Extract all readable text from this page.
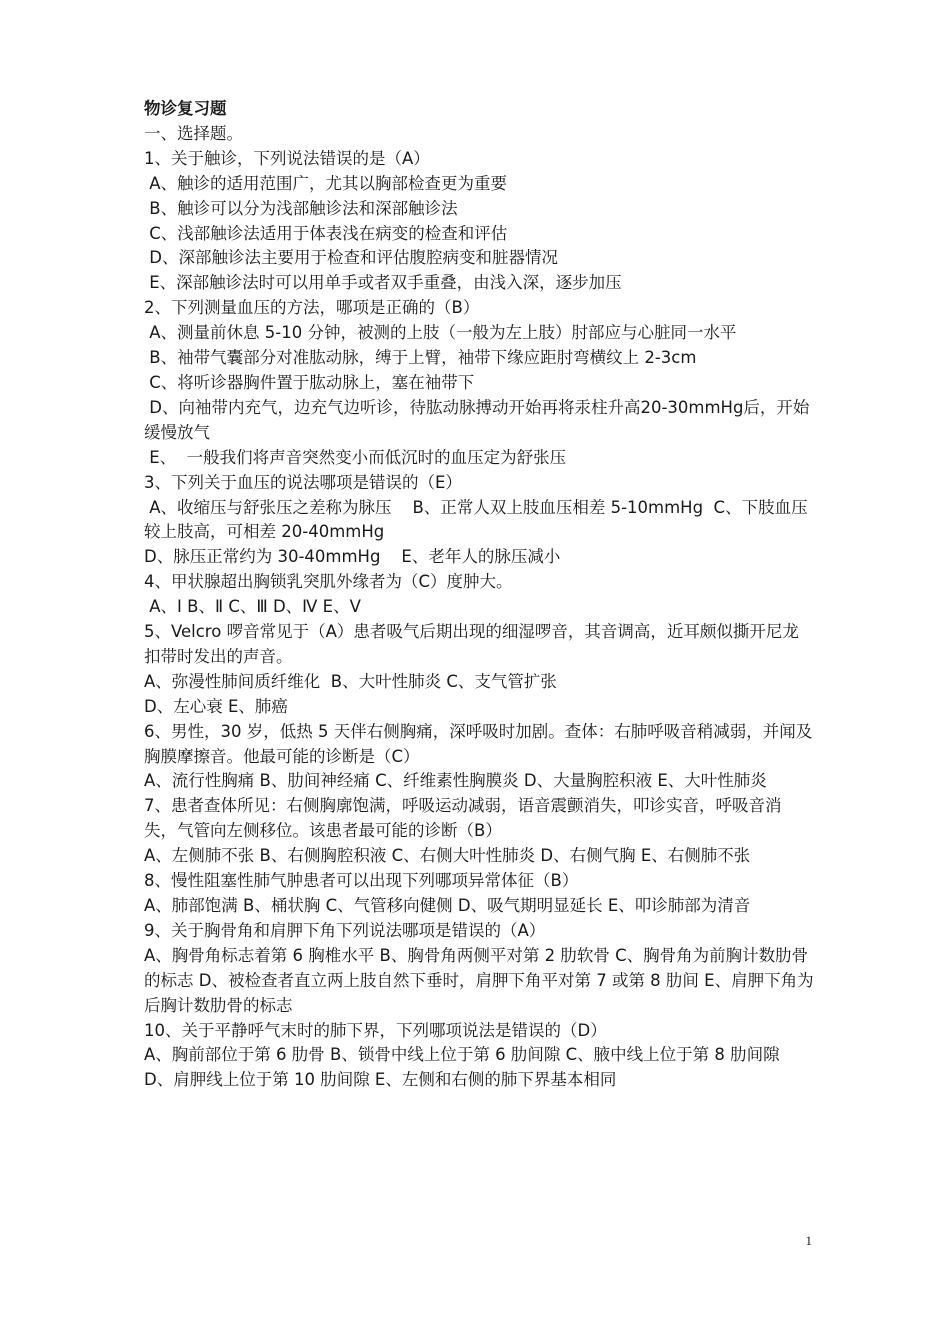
物诊复习题
一、选择题。
1、关于触诊，下列说法错误的是（A）
A、触诊的适用范围广，尤其以胸部检查更为重要
B、触诊可以分为浅部触诊法和深部触诊法
C、浅部触诊法适用于体表浅在病变的检查和评估
D、深部触诊法主要用于检查和评估腹腔病变和脏器情况
E、深部触诊法时可以用单手或者双手重叠，由浅入深，逐步加压
2、下列测量血压的方法，哪项是正确的（B）
A、测量前休息 5-10 分钟，被测的上肢（一般为左上肢）肘部应与心脏同一水平
B、袖带气囊部分对准肱动脉，缚于上臂，袖带下缘应距肘弯横纹上 2-3cm
C、将听诊器胸件置于肱动脉上，塞在袖带下
D、向袖带内充气，边充气边听诊，待肱动脉搏动开始再将汞柱升高20-30mmHg后，开始缓慢放气
E、  一般我们将声音突然变小而低沉时的血压定为舒张压
3、下列关于血压的说法哪项是错误的（E）
A、收缩压与舒张压之差称为脉压    B、正常人双上肢血压相差 5-10mmHg  C、下肢血压较上肢高，可相差 20-40mmHg
D、脉压正常约为 30-40mmHg    E、老年人的脉压减小
4、甲状腺超出胸锁乳突肌外缘者为（C）度肿大。
A、Ⅰ B、Ⅱ C、Ⅲ D、Ⅳ E、Ⅴ
5、Velcro 啰音常见于（A）患者吸气后期出现的细湿啰音，其音调高，近耳颇似撕开尼龙扣带时发出的声音。
A、弥漫性肺间质纤维化  B、大叶性肺炎 C、支气管扩张
D、左心衰 E、肺癌
6、男性，30 岁，低热 5 天伴右侧胸痛，深呼吸时加剧。查体：右肺呼吸音稍减弱，并闻及胸膜摩擦音。他最可能的诊断是（C）
A、流行性胸痛 B、肋间神经痛 C、纤维素性胸膜炎 D、大量胸腔积液 E、大叶性肺炎
7、患者查体所见：右侧胸廓饱满，呼吸运动减弱，语音震颤消失，叩诊实音，呼吸音消失，气管向左侧移位。该患者最可能的诊断（B）
A、左侧肺不张 B、右侧胸腔积液 C、右侧大叶性肺炎 D、右侧气胸 E、右侧肺不张
8、慢性阻塞性肺气肿患者可以出现下列哪项异常体征（B）
A、肺部饱满 B、桶状胸 C、气管移向健侧 D、吸气期明显延长 E、叩诊肺部为清音
9、关于胸骨角和肩胛下角下列说法哪项是错误的（A）
A、胸骨角标志着第 6 胸椎水平 B、胸骨角两侧平对第 2 肋软骨 C、胸骨角为前胸计数肋骨的标志 D、被检查者直立两上肢自然下垂时，肩胛下角平对第 7 或第 8 肋间 E、肩胛下角为后胸计数肋骨的标志
10、关于平静呼气末时的肺下界，下列哪项说法是错误的（D）
A、胸前部位于第 6 肋骨 B、锁骨中线上位于第 6 肋间隙 C、腋中线上位于第 8 肋间隙 D、肩胛线上位于第 10 肋间隙 E、左侧和右侧的肺下界基本相同
1
